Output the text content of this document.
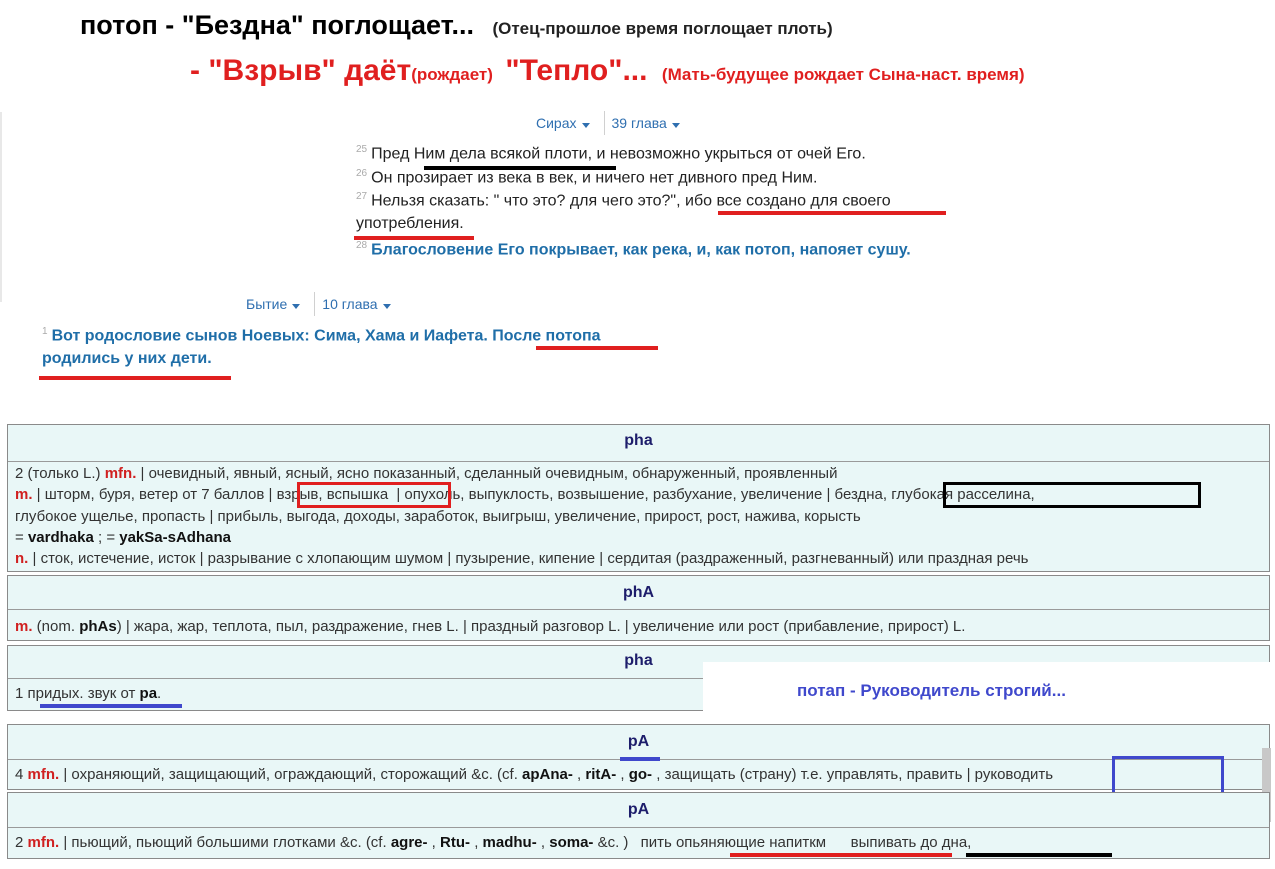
потоп - "Бездна" поглощает... (Отец-прошлое время поглощает плоть)
- "Взрыв" даёт(рождает) "Тепло"... (Мать-будущее рождает Сына-наст. время)
Сирах	39 глава
$^{25}$ Пред Ним дела всякой плоти, и невозможно укрыться от очей Его.
$^{26}$ Он прозирает из века в век, и ничего нет дивного пред Ним.
$^{27}$ Нельзя сказать: " что это? для чего это?", ибо все создано для своего
употребления.
$^{28}$ Благословение Его покрывает, как река, и, как потоп, напояет сушу.
Бытие	10 глава
$^1$ Вот родословие сынов Ноевых: Сима, Хама и Иафета. После потопа
родились у них дети.
pha
2 (только L.) mfn. | очевидный, явный, ясный, ясно показанный, сделанный очевидным, обнаруженный, проявленный
m. | шторм, буря, ветер от 7 баллов | взрыв, вспышка | опухоль, выпуклость, возвышение, разбухание, увеличение | бездна, глубокая расселина,
глубокое ущелье, пропасть | прибыль, выгода, доходы, заработок, выигрыш, увеличение, прирост, рост, нажива, корысть
= vardhaka ; = yakSa-sAdhana
n. | сток, истечение, исток | разрывание с хлопающим шумом | пузырение, кипение | сердитая (раздраженный, разгневанный) или праздная речь
phA
m. (nom. phAs) | жара, жар, теплота, пыл, раздражение, гнев L. | праздный разговор L. | увеличение или рост (прибавление, прирост) L.
pha
1 придых. звук от pa.	потап - Руководитель строгий...
pA
4 mfn. | охраняющий, защищающий, ограждающий, сторожащий &c. (cf. apAna- , ritA- , go- , защищать (страну) т.е. управлять, править | руководить
pA
2 mfn. | пьющий, пьющий большими глотками &c. (cf. agre- , Rtu- , madhu- , soma- &c. ) пить опьяняющие напиткм выпивать до дна,
